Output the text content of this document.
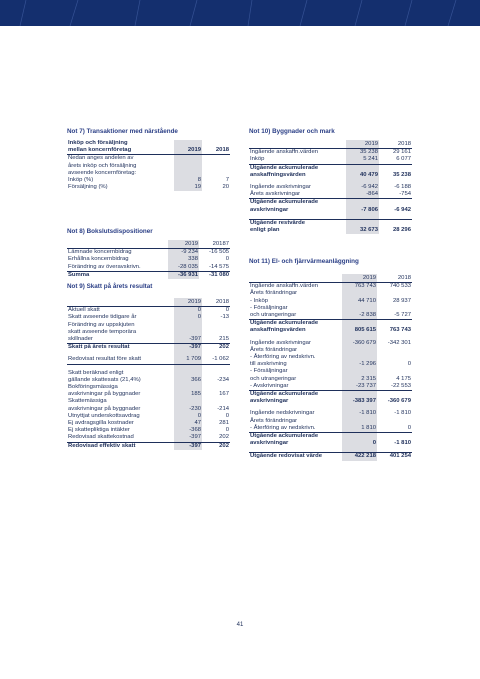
Not 7) Transaktioner med närstående
Inköp och försäljning		
mellan koncernföretag	2019	2018
Nedan anges andelen av		
årets inköp och försäljning		
avseende koncernföretag:		
Inköp (%)	8	7
Försäljning (%)	19	20
Not 8) Bokslutsdispositioner
	2019	20187
Lämnade koncernbidrag	-9 234	-16 505
Erhållna koncernbidrag	338	0
Förändring av överavskrivn.	-28 035	-14 575
Summa	-36 931	-31 080
Not 9) Skatt på årets resultat
	2019	2018
Aktuell skatt	0	0
Skatt avseende tidigare år	0	-13
Förändring av uppskjuten		
skatt avseende temporära		
skillnader	-397	215
Skatt på årets resultat	-397	202

Redovisat resultat före skatt	1 709	-1 062

Skatt beräknad enligt		
gällande skattesats (21,4%)	366	-234
Bokföringsmässiga		
avskrivningar på byggnader	185	167
Skattemässiga		
avskrivningar på byggnader	-230	-214
Utnyttjat underskottsavdrag	0	0
Ej avdragsgilla kostnader	47	281
Ej skattepliktiga intäkter	-368	0
Redovisad skattekostnad	-397	202
Redovisad effektiv skatt	-397	202
Not 10) Byggnader och mark
	2019	2018
Ingående anskaffn.värden	35 238	29 161
Inköp	5 241	6 077
Utgående ackumulerade		
anskaffningsvärden	40 479	35 238

Ingående avskrivningar	-6 942	-6 188
Årets avskrivningar	-864	-754
Utgående ackumulerade		
avskrivningar	-7 806	-6 942

Utgående restvärde		
enligt plan	32 673	28 296
Not 11) El- och fjärrvärmeanläggning
	2019	2018
Ingående anskaffn.värden	763 743	740 533
Årets förändringar		
- Inköp	44 710	28 937
- Försäljningar		
och utrangeringar	-2 838	-5 727
Utgående ackumulerade		
anskaffningsvärden	805 615	763 743

Ingående avskrivningar	-360 679	-342 301
Årets förändringar		
- Återföring av nedskrivn.		
till avskrivning	-1 296	0
- Försäljningar		
och utrangeringar	2 315	4 175
- Avskrivningar	-23 737	-22 553
Utgående ackumulerade		
avskrivningar	-383 397	-360 679

Ingående nedskrivningar	-1 810	-1 810
Årets förändringar		
- Återföring av nedskrivn.	1 810	0
Utgående ackumulerade		
avskrivningar	0	-1 810

Utgående redovisat värde	422 218	401 254
41
